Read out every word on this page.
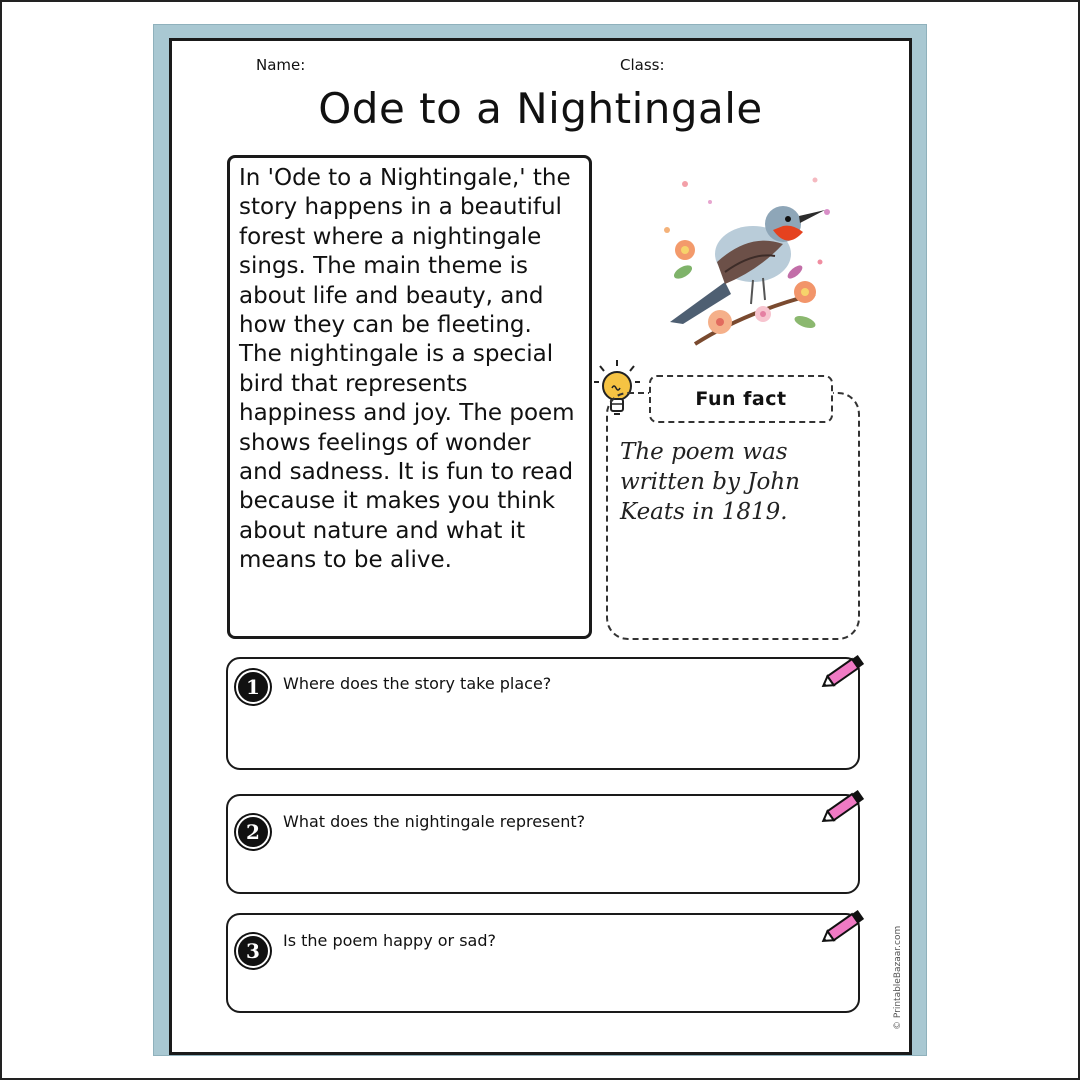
Name:	Class:
Ode to a Nightingale

In 'Ode to a Nightingale,' the story happens in a beautiful forest where a nightingale sings. The main theme is about life and beauty, and how they can be fleeting. The nightingale is a special bird that represents happiness and joy. The poem shows feelings of wonder and sadness. It is fun to read because it makes you think about nature and what it means to be alive.

Fun fact

The poem was written by John Keats in 1819.

1	Where does the story take place?
2	What does the nightingale represent?
3	Is the poem happy or sad?	© PrintableBazaar.com
